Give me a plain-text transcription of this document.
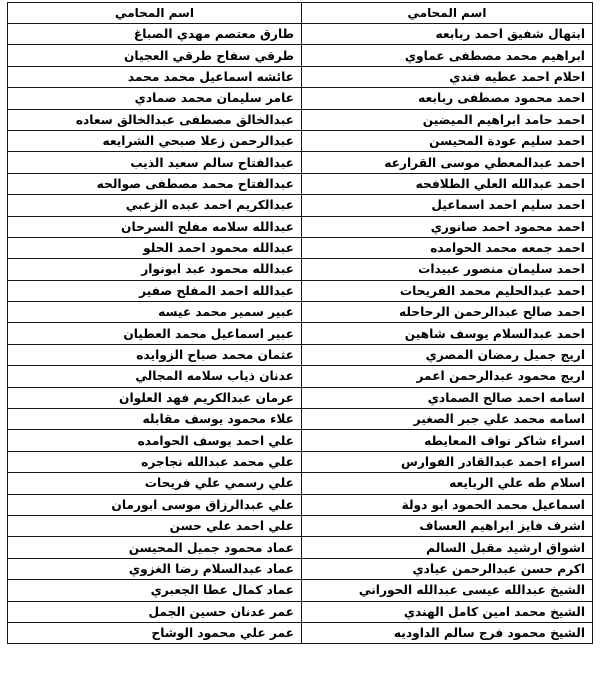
اسم المحامي	اسم المحامي
ابتهال شفيق احمد ربابعه	طارق معتصم مهدي الصباغ
ابراهيم محمد مصطفى عماوي	طرقي سفاح طرقي العجيان
احلام احمد عطيه فندي	عائشه اسماعيل محمد محمد
احمد محمود مصطفى ربابعه	عامر سليمان محمد صمادي
احمد حامد ابراهيم الميضين	عبدالخالق مصطفى عبدالخالق سعاده
احمد سليم عودة المحيسن	عبدالرحمن زعلا صبحي الشرايعه
احمد عبدالمعطي موسى القرارعه	عبدالفتاح سالم سعيد الذيب
احمد عبدالله العلي الطلافحه	عبدالفتاح محمد مصطفى صوالحه
احمد سليم احمد اسماعيل	عبدالكريم احمد عبده الزعبي
احمد محمود احمد صانوري	عبدالله سلامه مفلح السرحان
احمد جمعه محمد الحوامده	عبدالله محمود احمد الحلو
احمد سليمان منصور عبيدات	عبدالله محمود عبد ابونوار
احمد عبدالحليم محمد الفريحات	عبدالله احمد المفلح صفير
احمد صالح عبدالرحمن الرحاحله	عبير سمير محمد عيسه
احمد عبدالسلام يوسف شاهين	عبير اسماعيل محمد العطيان
اريج جميل رمضان المصري	عثمان محمد صباح الزوايده
اريج محمود عبدالرحمن اعمر	عدنان ذياب سلامه المجالي
اسامه احمد صالح الصمادي	عرمان عبدالكريم فهد العلوان
اسامه محمد علي جبر الصغير	علاء محمود يوسف مقابله
اسراء شاكر نواف المعايطه	علي احمد يوسف الحوامده
اسراء احمد عبدالقادر الفوارس	علي محمد عبدالله نجاجره
اسلام طه علي الربايعه	علي رسمي علي فريحات
اسماعيل محمد الحمود ابو دولة	علي عبدالرزاق موسى ابورمان
اشرف فايز ابراهيم العساف	علي احمد علي حسن
اشواق ارشيد مقبل السالم	عماد محمود جميل المحيسن
اكرم حسن عبدالرحمن عيادي	عماد عبدالسلام رضا الغزوي
الشيخ عبدالله عيسى عبدالله الحوراني	عماد كمال عطا الجعبري
الشيخ محمد امين كامل الهندي	عمر عدنان حسين الجمل
الشيخ محمود فرج سالم الداوديه	عمر علي محمود الوشاح
